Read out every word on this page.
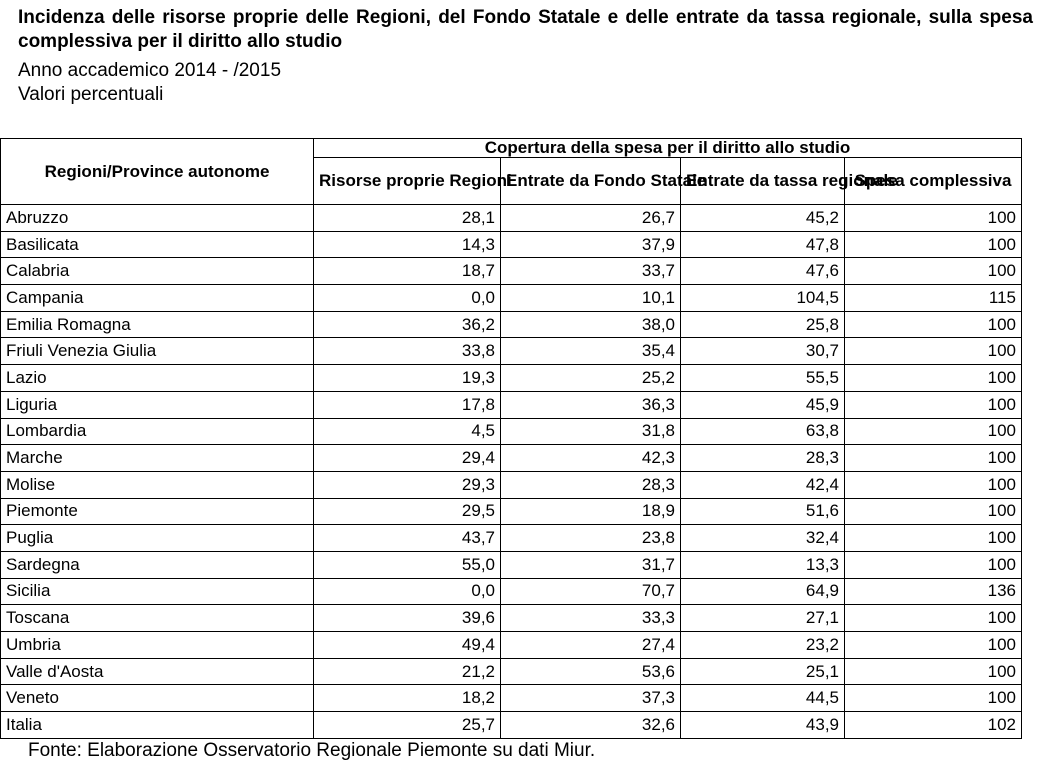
Incidenza delle risorse proprie delle Regioni, del Fondo Statale e delle entrate da tassa regionale, sulla spesa complessiva per il diritto allo studio

Anno accademico 2014 - /2015

Valori percentuali

Regioni/Province autonome	Copertura della spesa per il diritto allo studio			
	Risorse proprie Regioni	Entrate da Fondo Statale	Entrate da tassa regionale	Spesa complessiva
Abruzzo	28,1	26,7	45,2	100
Basilicata	14,3	37,9	47,8	100
Calabria	18,7	33,7	47,6	100
Campania	0,0	10,1	104,5	115
Emilia Romagna	36,2	38,0	25,8	100
Friuli Venezia Giulia	33,8	35,4	30,7	100
Lazio	19,3	25,2	55,5	100
Liguria	17,8	36,3	45,9	100
Lombardia	4,5	31,8	63,8	100
Marche	29,4	42,3	28,3	100
Molise	29,3	28,3	42,4	100
Piemonte	29,5	18,9	51,6	100
Puglia	43,7	23,8	32,4	100
Sardegna	55,0	31,7	13,3	100
Sicilia	0,0	70,7	64,9	136
Toscana	39,6	33,3	27,1	100
Umbria	49,4	27,4	23,2	100
Valle d'Aosta	21,2	53,6	25,1	100
Veneto	18,2	37,3	44,5	100
Italia	25,7	32,6	43,9	102

Fonte: Elaborazione Osservatorio Regionale Piemonte su dati Miur.
